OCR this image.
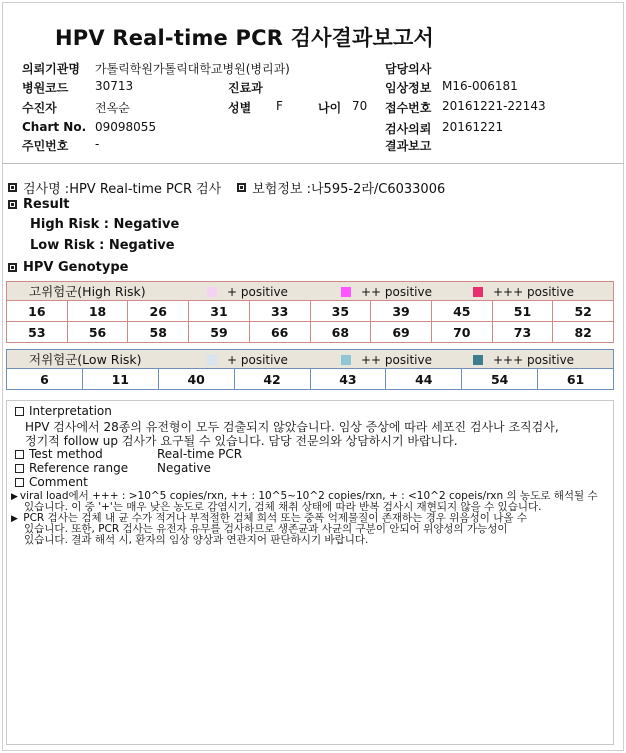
HPV Real-time PCR 검사결과보고서
의뢰기관명 가톨릭학원가톨릭대학교병원(병리과)
병원코드 30713
수진자	전옥순
Chart No. 09098055
주민번호 -
진료과
성별 F	나이 70
담당의사
임상정보 M16-006181
접수번호 20161221-22143
검사의뢰 20161221
결과보고
검사명 : HPV Real-time PCR 검사 보험정보 : 나595-2라/C6033006
Result
High Risk : Negative
Low Risk : Negative
HPV Genotype
고위험군(High Risk)	+ positive	++ positive	+++ positive
16	18	26	31	33	35	39	45	51	52
53	56	58	59	66	68	69	70	73	82
저위험군(Low Risk)	+ positive	++ positive	+++ positive
6	11	40	42	43	44	54	61
Interpretation
HPV 검사에서 28종의 유전형이 모두 검출되지 않았습니다. 임상 증상에 따라 세포진 검사나 조직검사,
정기적 follow up 검사가 요구될 수 있습니다. 담당 전문의와 상담하시기 바랍니다.
Test method	Real-time PCR
Reference range Negative
Comment
▶ viral load에서 +++ : >10^5 copies/rxn, ++ : 10^5~10^2 copies/rxn, + : <10^2 copeis/rxn 의 농도로 해석될 수
있습니다. 이 중 '+'는 매우 낮은 농도로 감염시기, 검체 채취 상태에 따라 반복 검사시 재현되지 않을 수 있습니다.
▶ PCR 검사는 검체 내 균 수가 적거나 부적절한 검체 희석 또는 중폭 억제물질이 존재하는 경우 위음성이 나올 수
있습니다. 또한, PCR 검사는 유전자 유무를 검사하므로 생존균과 사균의 구분이 안되어 위양성의 가능성이
있습니다. 결과 해석 시, 환자의 임상 양상과 연관지어 판단하시기 바랍니다.
